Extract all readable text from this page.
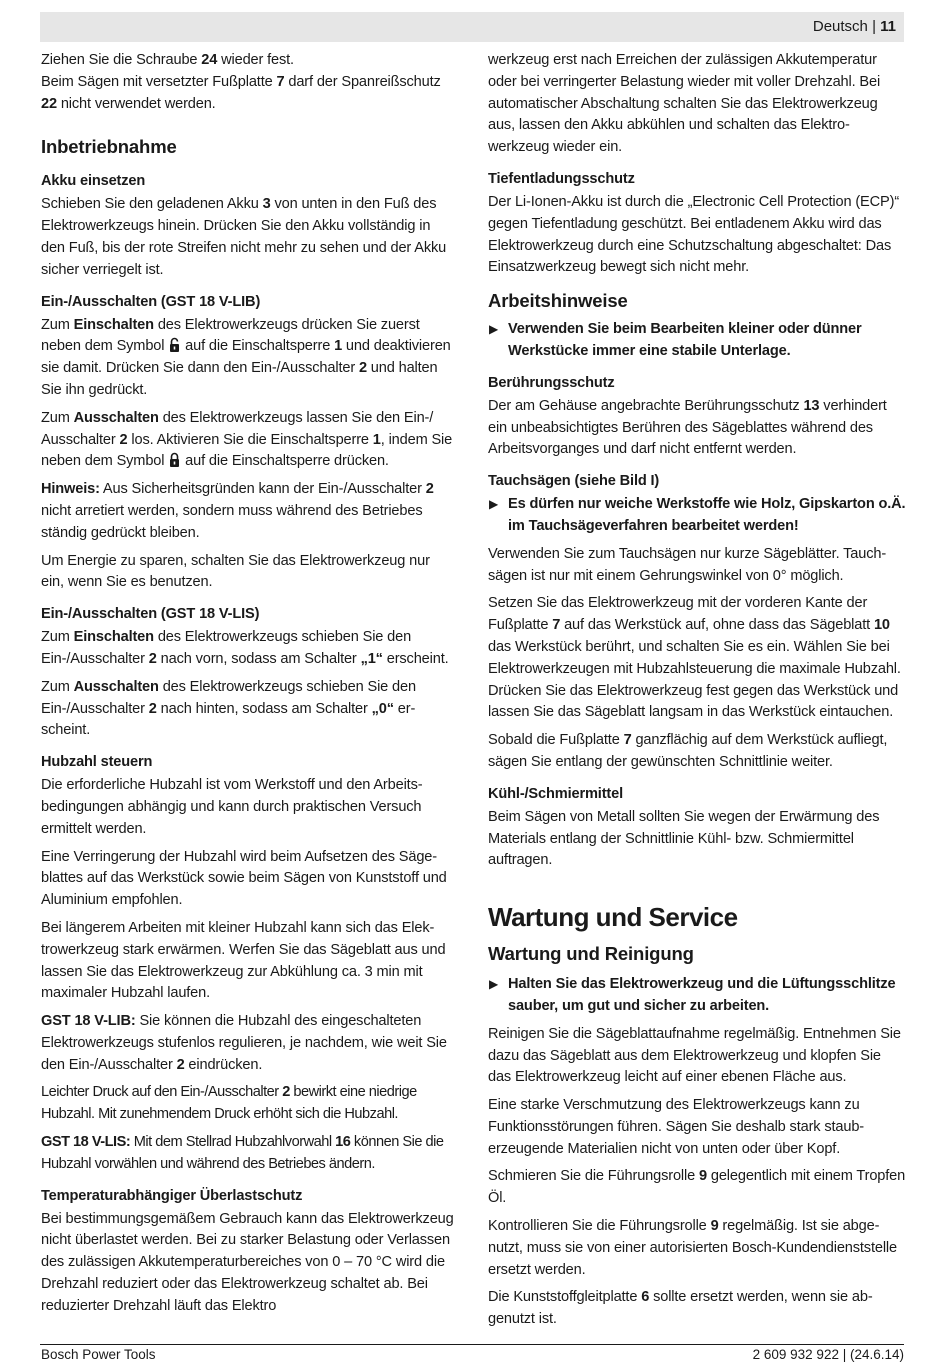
Deutsch | 11

Ziehen Sie die Schraube 24 wieder fest.

Beim Sägen mit versetzter Fußplatte 7 darf der Spanreißschutz 22 nicht verwendet werden.

Inbetriebnahme
Akku einsetzen

Schieben Sie den geladenen Akku 3 von unten in den Fuß des Elektrowerkzeugs hinein. Drücken Sie den Akku vollständig in den Fuß, bis der rote Streifen nicht mehr zu sehen und der Akku sicher verriegelt ist.

Ein-/Ausschalten (GST 18 V-LIB)

Zum Einschalten des Elektrowerkzeugs drücken Sie zuerst neben dem Symbol  auf die Einschaltsperre 1 und deaktivieren sie damit. Drücken Sie dann den Ein-/Ausschalter 2 und halten Sie ihn gedrückt.

Zum Ausschalten des Elektrowerkzeugs lassen Sie den Ein-/ Ausschalter 2 los. Aktivieren Sie die Einschaltsperre 1, indem Sie neben dem Symbol  auf die Einschaltsperre drücken.

Hinweis: Aus Sicherheitsgründen kann der Ein-/Ausschalter 2 nicht arretiert werden, sondern muss während des Betriebes ständig gedrückt bleiben.

Um Energie zu sparen, schalten Sie das Elektrowerkzeug nur ein, wenn Sie es benutzen.

Ein-/Ausschalten (GST 18 V-LIS)

Zum Einschalten des Elektrowerkzeugs schieben Sie den Ein-/Ausschalter 2 nach vorn, sodass am Schalter „1“ erscheint.

Zum Ausschalten des Elektrowerkzeugs schieben Sie den Ein-/Ausschalter 2 nach hinten, sodass am Schalter „0“ erscheint.

Hubzahl steuern

Die erforderliche Hubzahl ist vom Werkstoff und den Arbeitsbedingungen abhängig und kann durch praktischen Versuch ermittelt werden.

Eine Verringerung der Hubzahl wird beim Aufsetzen des Sägeblattes auf das Werkstück sowie beim Sägen von Kunststoff und Aluminium empfohlen.

Bei längerem Arbeiten mit kleiner Hubzahl kann sich das Elektrowerkzeug stark erwärmen. Werfen Sie das Sägeblatt aus und lassen Sie das Elektrowerkzeug zur Abkühlung ca. 3 min mit maximaler Hubzahl laufen.

GST 18 V-LIB: Sie können die Hubzahl des eingeschalteten Elektrowerkzeugs stufenlos regulieren, je nachdem, wie weit Sie den Ein-/Ausschalter 2 eindrücken.

Leichter Druck auf den Ein-/Ausschalter 2 bewirkt eine niedrige Hubzahl. Mit zunehmendem Druck erhöht sich die Hubzahl.

GST 18 V-LIS: Mit dem Stellrad Hubzahlvorwahl 16 können Sie die Hubzahl vorwählen und während des Betriebes ändern.

Temperaturabhängiger Überlastschutz

Bei bestimmungsgemäßem Gebrauch kann das Elektrowerkzeug nicht überlastet werden. Bei zu starker Belastung oder Verlassen des zulässigen Akkutemperaturbereiches von 0 – 70 °C wird die Drehzahl reduziert oder das Elektrowerkzeug schaltet ab. Bei reduzierter Drehzahl läuft das Elektro

werkzeug erst nach Erreichen der zulässigen Akkutemperatur oder bei verringerter Belastung wieder mit voller Drehzahl. Bei automatischer Abschaltung schalten Sie das Elektrowerkzeug aus, lassen den Akku abkühlen und schalten das Elektrowerkzeug wieder ein.

Tiefentladungsschutz

Der Li-Ionen-Akku ist durch die „Electronic Cell Protection (ECP)“ gegen Tiefentladung geschützt. Bei entladenem Akku wird das Elektrowerkzeug durch eine Schutzschaltung abgeschaltet: Das Einsatzwerkzeug bewegt sich nicht mehr.

Arbeitshinweise
▶ Verwenden Sie beim Bearbeiten kleiner oder dünner Werkstücke immer eine stabile Unterlage.
Berührungsschutz

Der am Gehäuse angebrachte Berührungsschutz 13 verhindert ein unbeabsichtigtes Berühren des Sägeblattes während des Arbeitsvorganges und darf nicht entfernt werden.

Tauchsägen (siehe Bild I)
▶ Es dürfen nur weiche Werkstoffe wie Holz, Gipskarton o.Ä. im Tauchsägeverfahren bearbeitet werden!

Verwenden Sie zum Tauchsägen nur kurze Sägeblätter. Tauchsägen ist nur mit einem Gehrungswinkel von 0° möglich.

Setzen Sie das Elektrowerkzeug mit der vorderen Kante der Fußplatte 7 auf das Werkstück auf, ohne dass das Sägeblatt 10 das Werkstück berührt, und schalten Sie es ein. Wählen Sie bei Elektrowerkzeugen mit Hubzahlsteuerung die maximale Hubzahl. Drücken Sie das Elektrowerkzeug fest gegen das Werkstück und lassen Sie das Sägeblatt langsam in das Werkstück eintauchen.

Sobald die Fußplatte 7 ganzflächig auf dem Werkstück aufliegt, sägen Sie entlang der gewünschten Schnittlinie weiter.

Kühl-/Schmiermittel

Beim Sägen von Metall sollten Sie wegen der Erwärmung des Materials entlang der Schnittlinie Kühl- bzw. Schmiermittel auftragen.

Wartung und Service
Wartung und Reinigung
▶ Halten Sie das Elektrowerkzeug und die Lüftungsschlitze sauber, um gut und sicher zu arbeiten.

Reinigen Sie die Sägeblattaufnahme regelmäßig. Entnehmen Sie dazu das Sägeblatt aus dem Elektrowerkzeug und klopfen Sie das Elektrowerkzeug leicht auf einer ebenen Fläche aus.

Eine starke Verschmutzung des Elektrowerkzeugs kann zu Funktionsstörungen führen. Sägen Sie deshalb stark stauberzeugende Materialien nicht von unten oder über Kopf.

Schmieren Sie die Führungsrolle 9 gelegentlich mit einem Tropfen Öl.

Kontrollieren Sie die Führungsrolle 9 regelmäßig. Ist sie abgenutzt, muss sie von einer autorisierten Bosch-Kundendienststelle ersetzt werden.

Die Kunststoffgleitplatte 6 sollte ersetzt werden, wenn sie abgenutzt ist.

Bosch Power Tools	2 609 932 922 | (24.6.14)
